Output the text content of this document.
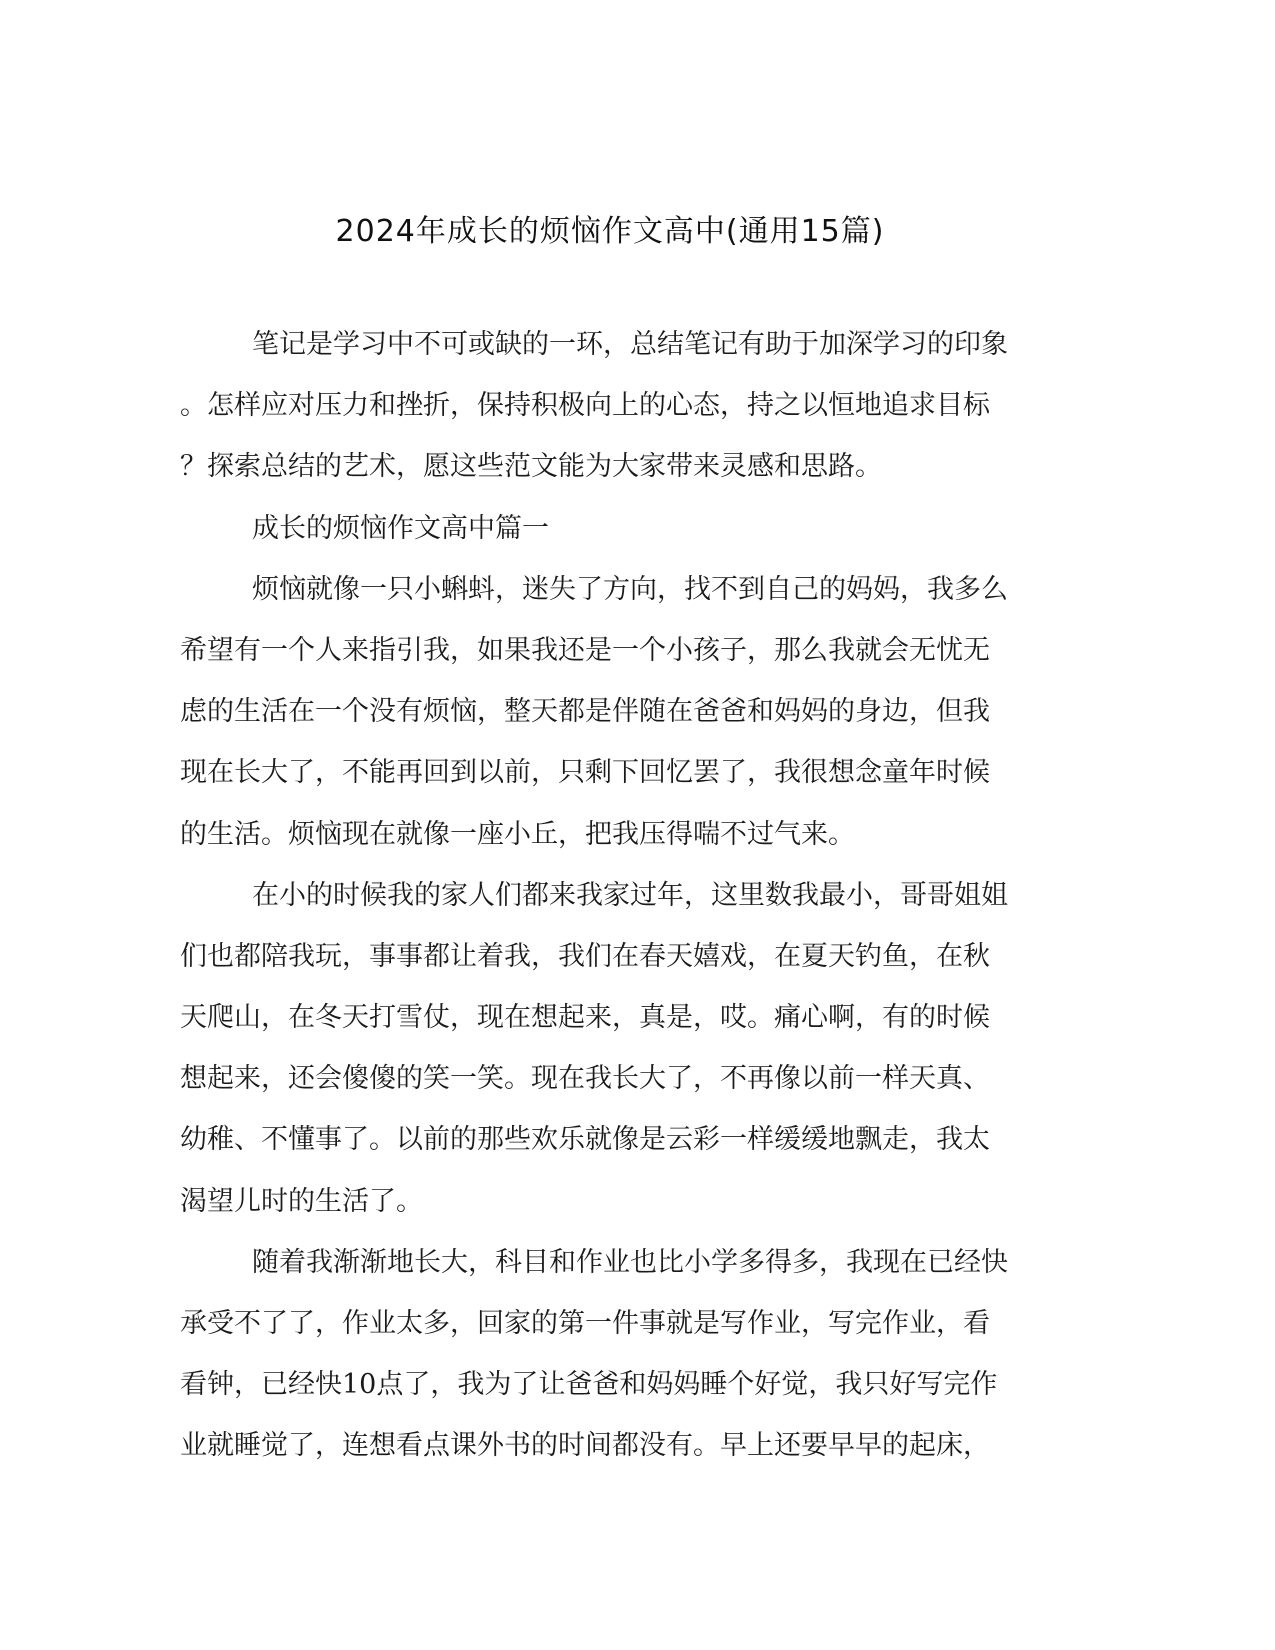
2024年成长的烦恼作文高中(通用15篇)
笔记是学习中不可或缺的一环，总结笔记有助于加深学习的印象
。怎样应对压力和挫折，保持积极向上的心态，持之以恒地追求目标
？探索总结的艺术，愿这些范文能为大家带来灵感和思路。
成长的烦恼作文高中篇一
烦恼就像一只小蝌蚪，迷失了方向，找不到自己的妈妈，我多么
希望有一个人来指引我，如果我还是一个小孩子，那么我就会无忧无
虑的生活在一个没有烦恼，整天都是伴随在爸爸和妈妈的身边，但我
现在长大了，不能再回到以前，只剩下回忆罢了，我很想念童年时候
的生活。烦恼现在就像一座小丘，把我压得喘不过气来。
在小的时候我的家人们都来我家过年，这里数我最小，哥哥姐姐
们也都陪我玩，事事都让着我，我们在春天嬉戏，在夏天钓鱼，在秋
天爬山，在冬天打雪仗，现在想起来，真是，哎。痛心啊，有的时候
想起来，还会傻傻的笑一笑。现在我长大了，不再像以前一样天真、
幼稚、不懂事了。以前的那些欢乐就像是云彩一样缓缓地飘走，我太
渴望儿时的生活了。
随着我渐渐地长大，科目和作业也比小学多得多，我现在已经快
承受不了了，作业太多，回家的第一件事就是写作业，写完作业，看
看钟，已经快10点了，我为了让爸爸和妈妈睡个好觉，我只好写完作
业就睡觉了，连想看点课外书的时间都没有。早上还要早早的起床，
